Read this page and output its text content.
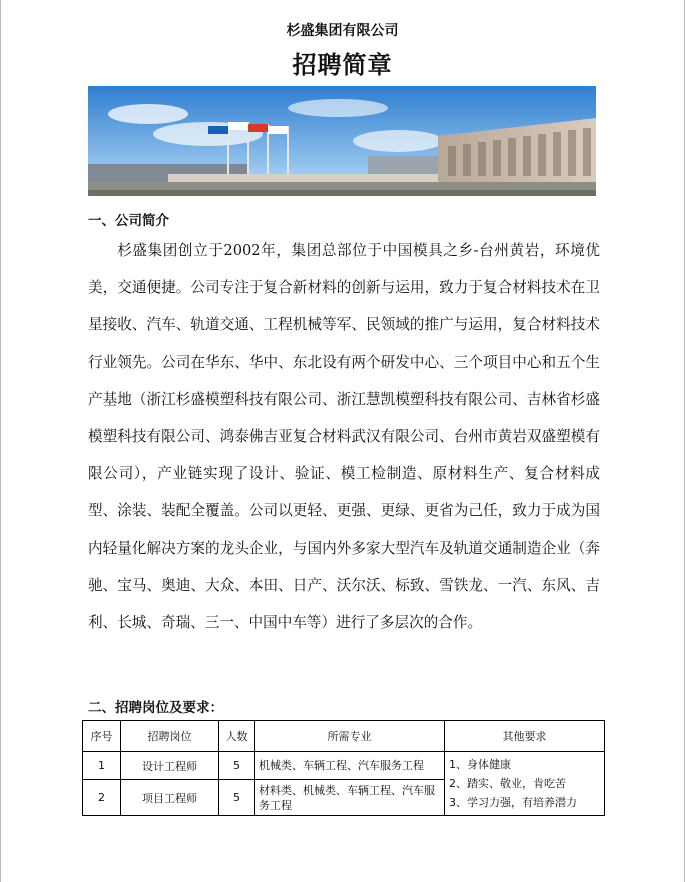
杉盛集团有限公司
招聘简章
一、公司简介

杉盛集团创立于2002年，集团总部位于中国模具之乡-台州黄岩，环境优美，交通便捷。公司专注于复合新材料的创新与运用，致力于复合材料技术在卫星接收、汽车、轨道交通、工程机械等军、民领域的推广与运用，复合材料技术行业领先。公司在华东、华中、东北设有两个研发中心、三个项目中心和五个生产基地（浙江杉盛模塑科技有限公司、浙江慧凯模塑科技有限公司、吉林省杉盛模塑科技有限公司、鸿泰佛吉亚复合材料武汉有限公司、台州市黄岩双盛塑模有限公司），产业链实现了设计、验证、模工检制造、原材料生产、复合材料成型、涂装、装配全覆盖。公司以更轻、更强、更绿、更省为己任，致力于成为国内轻量化解决方案的龙头企业，与国内外多家大型汽车及轨道交通制造企业（奔驰、宝马、奥迪、大众、本田、日产、沃尔沃、标致、雪铁龙、一汽、东风、吉利、长城、奇瑞、三一、中国中车等）进行了多层次的合作。

二、招聘岗位及要求：
序号	招聘岗位	人数	所需专业	其他要求
1	设计工程师	5	机械类、车辆工程、汽车服务工程	1、身体健康
2、踏实、敬业，肯吃苦
3、学习力强，有培养潜力

2	项目工程师	5	材料类、机械类、车辆工程、汽车服务工程	
